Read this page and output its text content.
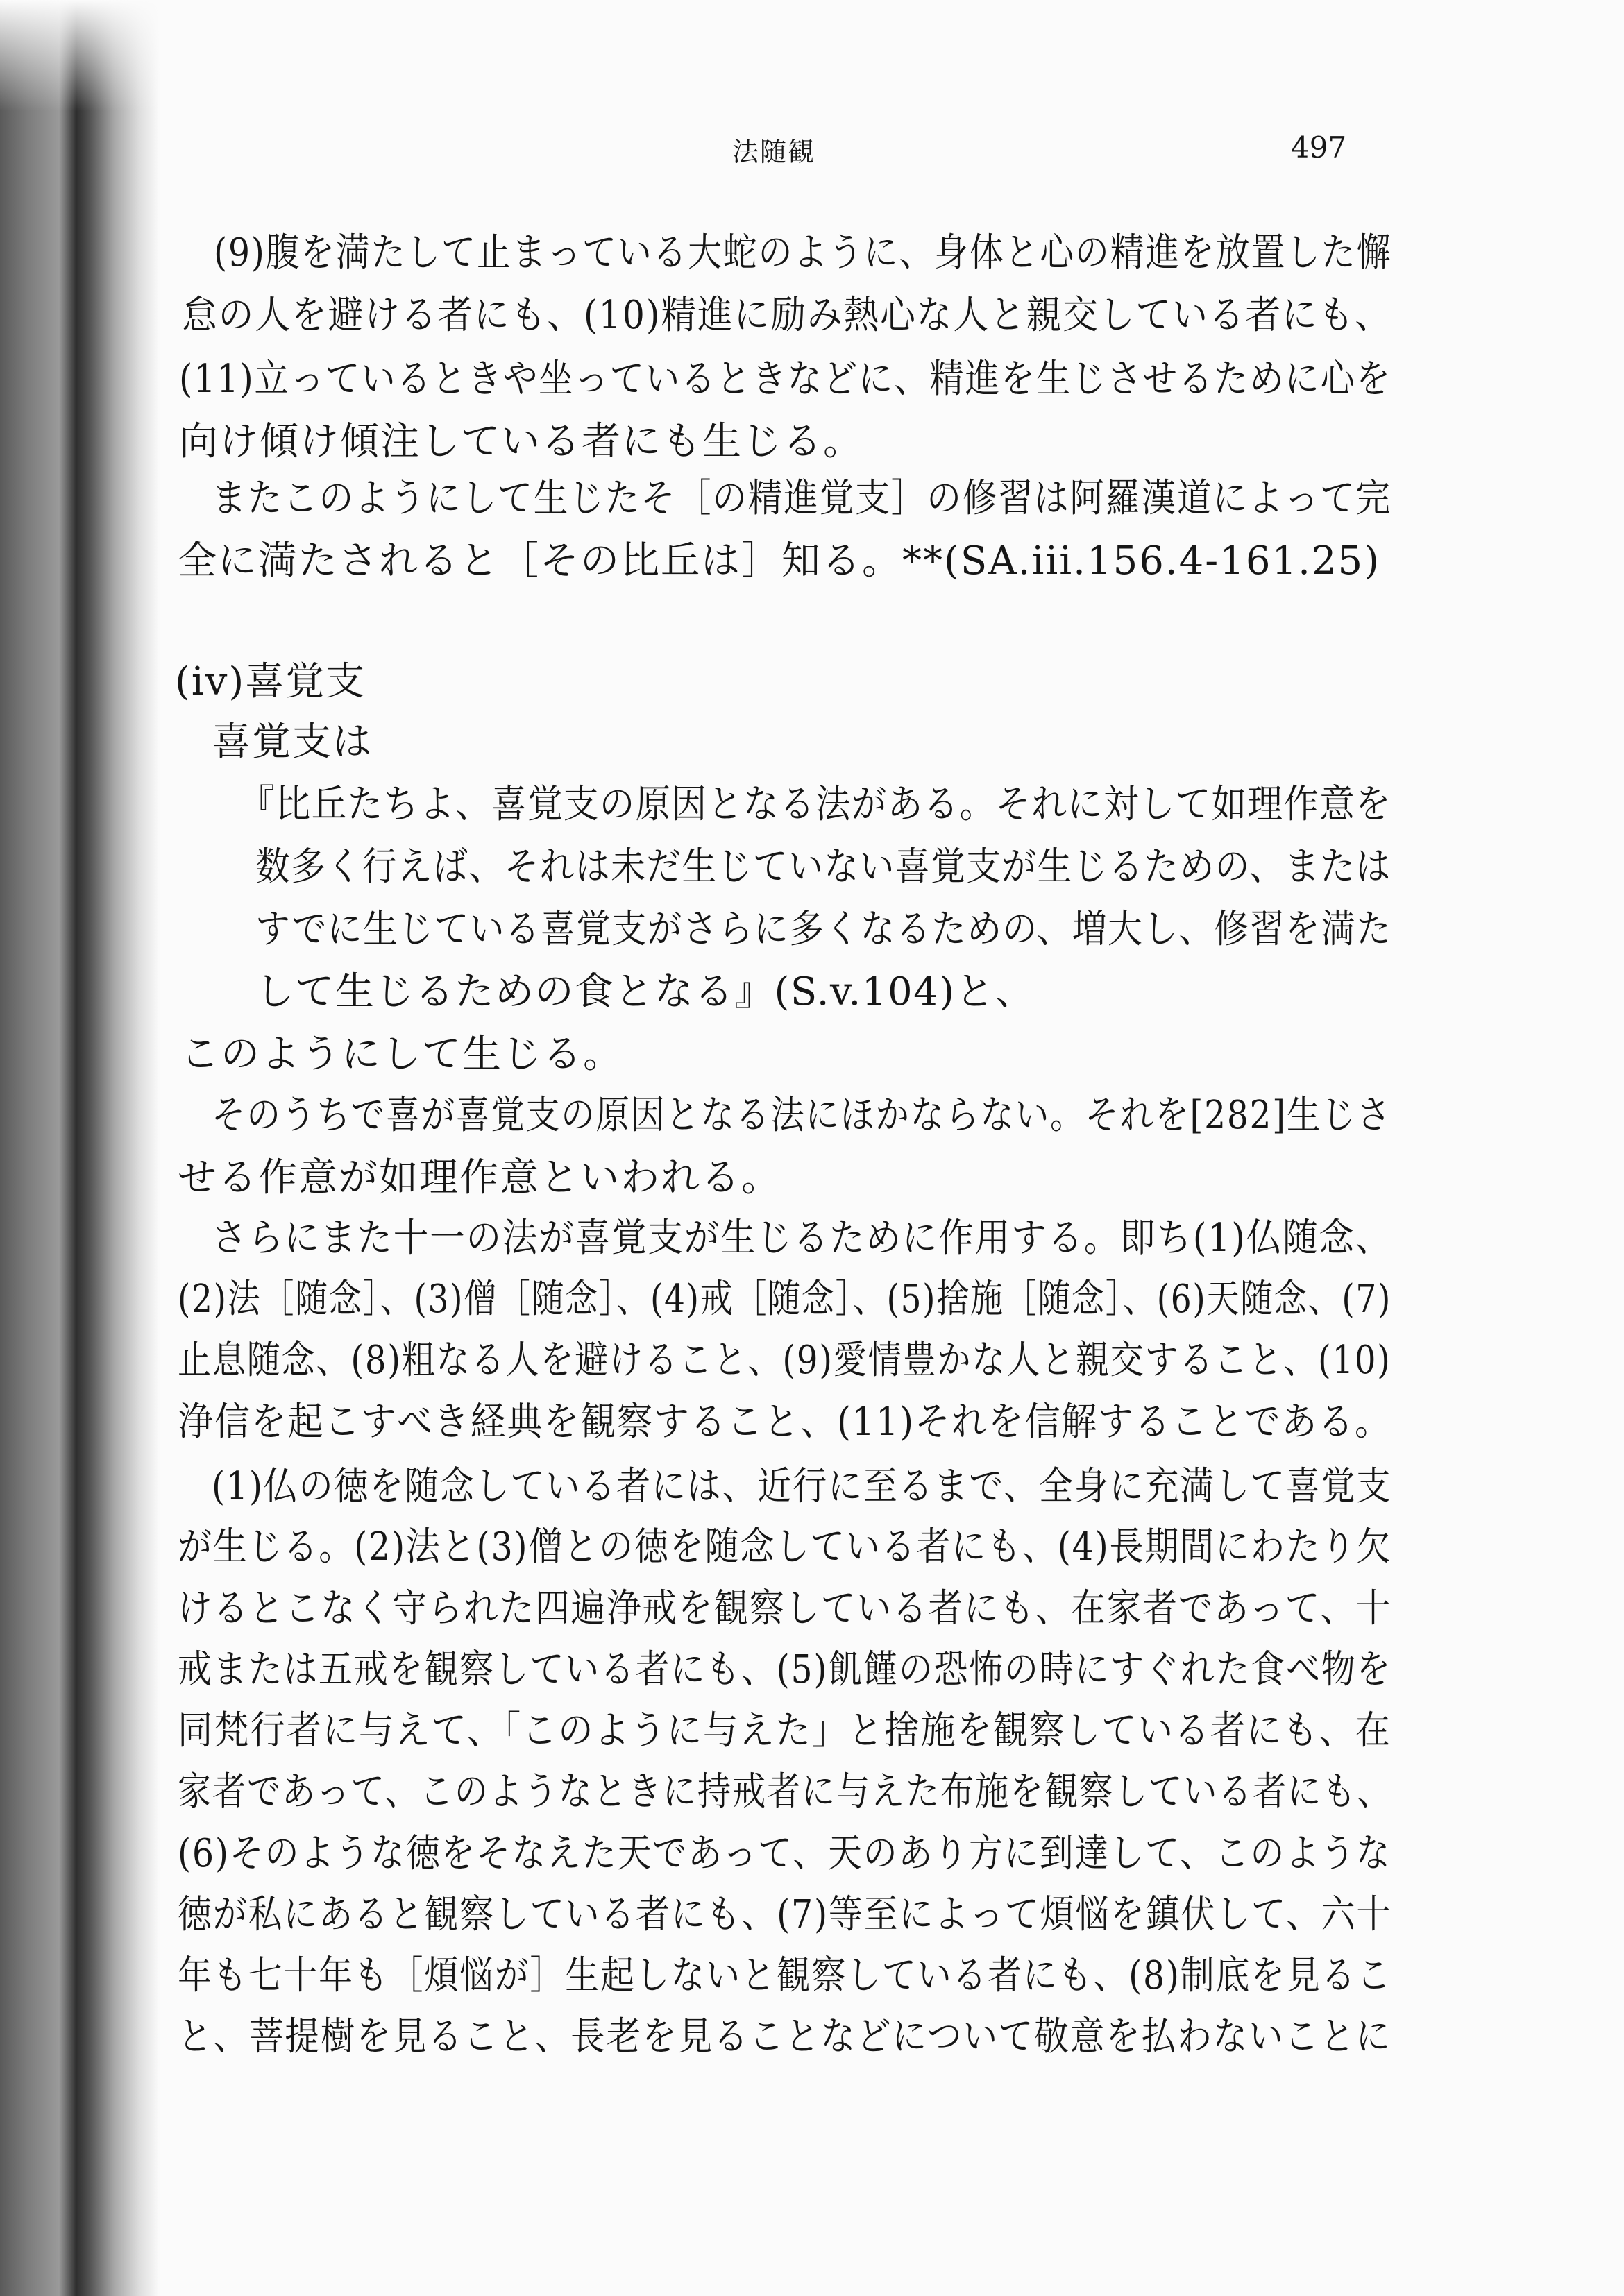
法随観	497
(9)腹を満たして止まっている大蛇のように、身体と心の精進を放置した懈
怠の人を避ける者にも、(10)精進に励み熱心な人と親交している者にも、
(11)立っているときや坐っているときなどに、精進を生じさせるために心を
向け傾け傾注している者にも生じる。
またこのようにして生じたそ［の精進覚支］の修習は阿羅漢道によって完
全に満たされると［その比丘は］知る。**(SA.iii.156.4-161.25)
(iv)喜覚支
喜覚支は
『比丘たちよ、喜覚支の原因となる法がある。それに対して如理作意を
数多く行えば、それは未だ生じていない喜覚支が生じるための、または
すでに生じている喜覚支がさらに多くなるための、増大し、修習を満た
して生じるための食となる』(S.v.104)と、
このようにして生じる。
そのうちで喜が喜覚支の原因となる法にほかならない。それを[282]生じさ
せる作意が如理作意といわれる。
さらにまた十一の法が喜覚支が生じるために作用する。即ち(1)仏随念、
(2)法［随念］、(3)僧［随念］、(4)戒［随念］、(5)捨施［随念］、(6)天随念、(7)
止息随念、(8)粗なる人を避けること、(9)愛情豊かな人と親交すること、(10)
浄信を起こすべき経典を観察すること、(11)それを信解することである。
(1)仏の徳を随念している者には、近行に至るまで、全身に充満して喜覚支
が生じる。(2)法と(3)僧との徳を随念している者にも、(4)長期間にわたり欠
けるとこなく守られた四遍浄戒を観察している者にも、在家者であって、十
戒または五戒を観察している者にも、(5)飢饉の恐怖の時にすぐれた食べ物を
同梵行者に与えて、「このように与えた」と捨施を観察している者にも、在
家者であって、このようなときに持戒者に与えた布施を観察している者にも、
(6)そのような徳をそなえた天であって、天のあり方に到達して、このような
徳が私にあると観察している者にも、(7)等至によって煩悩を鎮伏して、六十
年も七十年も［煩悩が］生起しないと観察している者にも、(8)制底を見るこ
と、菩提樹を見ること、長老を見ることなどについて敬意を払わないことに
